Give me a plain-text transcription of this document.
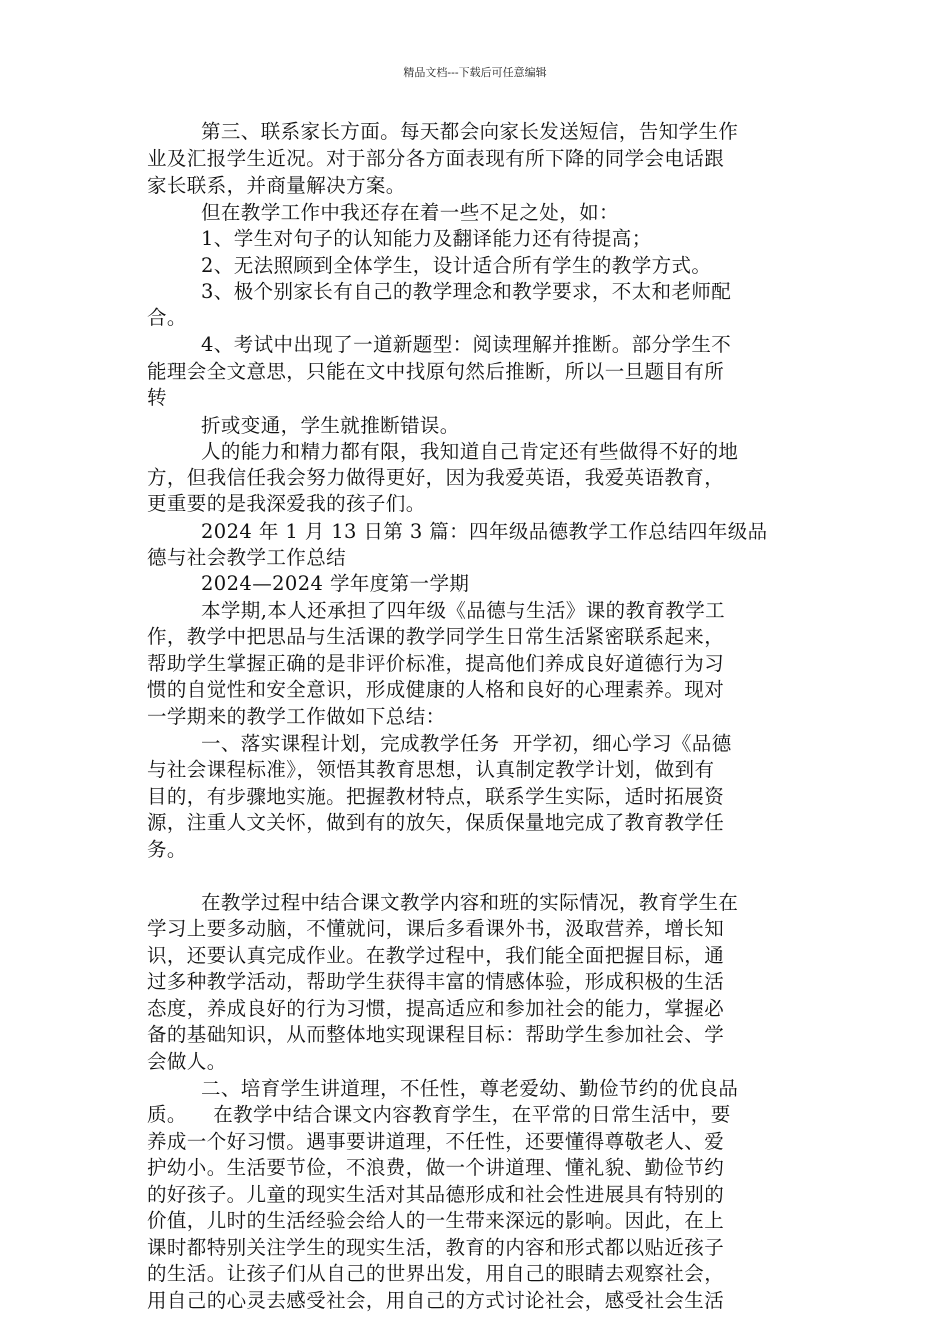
精品文档---下载后可任意编辑
第三、联系家长方面。每天都会向家长发送短信，告知学生作
业及汇报学生近况。对于部分各方面表现有所下降的同学会电话跟
家长联系，并商量解决方案。
但在教学工作中我还存在着一些不足之处，如：
1、学生对句子的认知能力及翻译能力还有待提高；
2、无法照顾到全体学生，设计适合所有学生的教学方式。
3、极个别家长有自己的教学理念和教学要求，不太和老师配
合。
4、考试中出现了一道新题型：阅读理解并推断。部分学生不
能理会全文意思，只能在文中找原句然后推断，所以一旦题目有所
转
折或变通，学生就推断错误。
人的能力和精力都有限，我知道自己肯定还有些做得不好的地
方，但我信任我会努力做得更好，因为我爱英语，我爱英语教育，
更重要的是我深爱我的孩子们。
2024 年 1 月 13 日第 3 篇：四年级品德教学工作总结四年级品
德与社会教学工作总结
2024—2024 学年度第一学期
本学期,本人还承担了四年级《品德与生活》课的教育教学工
作，教学中把思品与生活课的教学同学生日常生活紧密联系起来，
帮助学生掌握正确的是非评价标准，提高他们养成良好道德行为习
惯的自觉性和安全意识，形成健康的人格和良好的心理素养。现对
一学期来的教学工作做如下总结：
一、落实课程计划，完成教学任务  开学初，细心学习《品德
与社会课程标准》，领悟其教育思想，认真制定教学计划，做到有
目的，有步骤地实施。把握教材特点，联系学生实际，适时拓展资
源，注重人文关怀，做到有的放矢，保质保量地完成了教育教学任
务。
在教学过程中结合课文教学内容和班的实际情况，教育学生在
学习上要多动脑，不懂就问，课后多看课外书，汲取营养，增长知
识，还要认真完成作业。在教学过程中，我们能全面把握目标，通
过多种教学活动，帮助学生获得丰富的情感体验，形成积极的生活
态度，养成良好的行为习惯，提高适应和参加社会的能力，掌握必
备的基础知识，从而整体地实现课程目标：帮助学生参加社会、学
会做人。
二、培育学生讲道理，不任性，尊老爱幼、勤俭节约的优良品
质。    在教学中结合课文内容教育学生，在平常的日常生活中，要
养成一个好习惯。遇事要讲道理，不任性，还要懂得尊敬老人、爱
护幼小。生活要节俭，不浪费，做一个讲道理、懂礼貌、勤俭节约
的好孩子。儿童的现实生活对其品德形成和社会性进展具有特别的
价值，儿时的生活经验会给人的一生带来深远的影响。因此，在上
课时都特别关注学生的现实生活，教育的内容和形式都以贴近孩子
的生活。让孩子们从自己的世界出发，用自己的眼睛去观察社会，
用自己的心灵去感受社会，用自己的方式讨论社会，感受社会生活
